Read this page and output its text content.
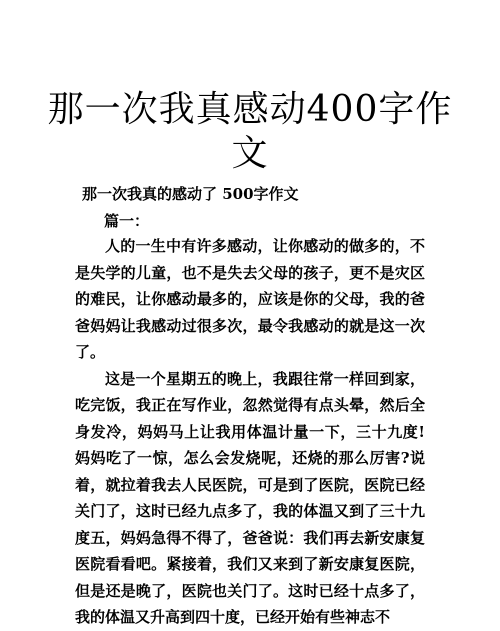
那一次我真感动400字作文
那一次我真的感动了 500字作文
篇一：

人的一生中有许多感动，让你感动的做多的，不是失学的儿童，也不是失去父母的孩子，更不是灾区的难民，让你感动最多的，应该是你的父母，我的爸爸妈妈让我感动过很多次，最令我感动的就是这一次了。

这是一个星期五的晚上，我跟往常一样回到家，吃完饭，我正在写作业，忽然觉得有点头晕，然后全身发冷，妈妈马上让我用体温计量一下，三十九度!妈妈吃了一惊，怎么会发烧呢，还烧的那么厉害?说着，就拉着我去人民医院，可是到了医院，医院已经关门了，这时已经九点多了，我的体温又到了三十九度五，妈妈急得不得了，爸爸说：我们再去新安康复医院看看吧。紧接着，我们又来到了新安康复医院，但是还是晚了，医院也关门了。这时已经十点多了，我的体温又升高到四十度，已经开始有些神志不
